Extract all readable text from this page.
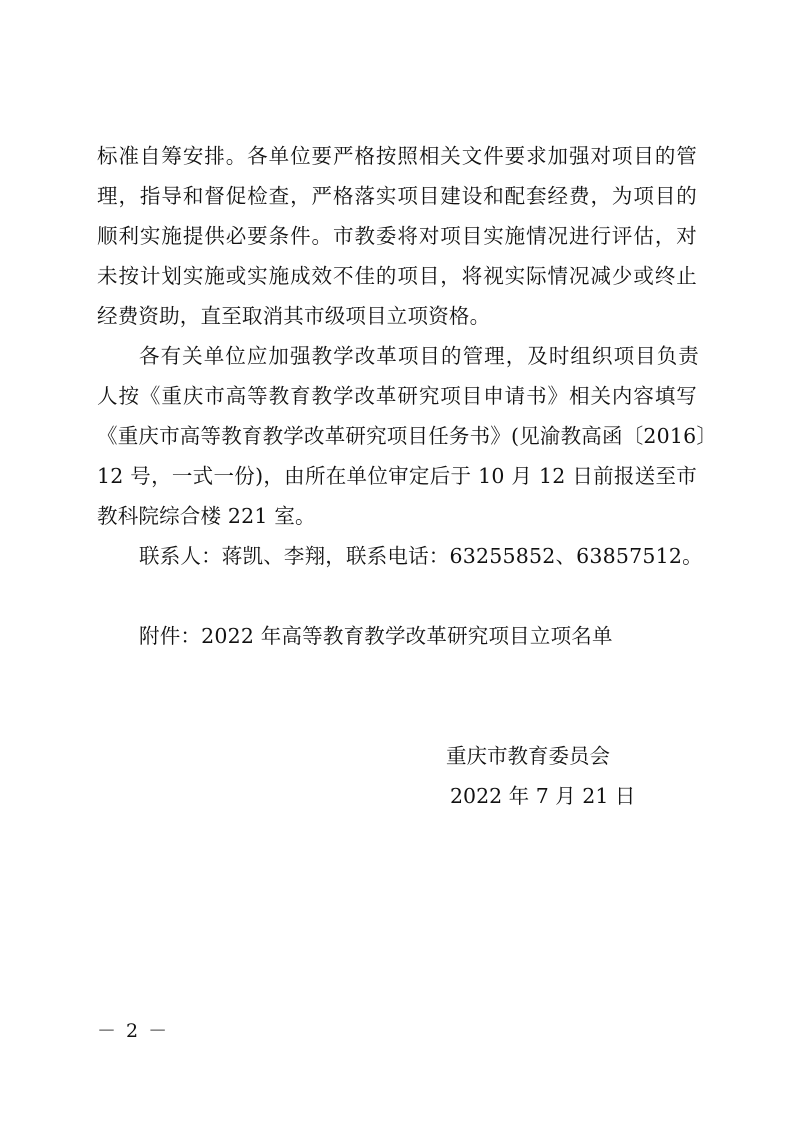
标准自筹安排。各单位要严格按照相关文件要求加强对项目的管
理，指导和督促检查，严格落实项目建设和配套经费，为项目的
顺利实施提供必要条件。市教委将对项目实施情况进行评估，对
未按计划实施或实施成效不佳的项目，将视实际情况减少或终止
经费资助，直至取消其市级项目立项资格。
各有关单位应加强教学改革项目的管理，及时组织项目负责
人按《重庆市高等教育教学改革研究项目申请书》相关内容填写
《重庆市高等教育教学改革研究项目任务书》(见渝教高函〔2016〕
12 号，一式一份)，由所在单位审定后于 10 月 12 日前报送至市
教科院综合楼 221 室。
联系人：蒋凯、李翔，联系电话：63255852、63857512。
附件：2022 年高等教育教学改革研究项目立项名单
重庆市教育委员会
2022 年 7 月 21 日
－ 2 －
